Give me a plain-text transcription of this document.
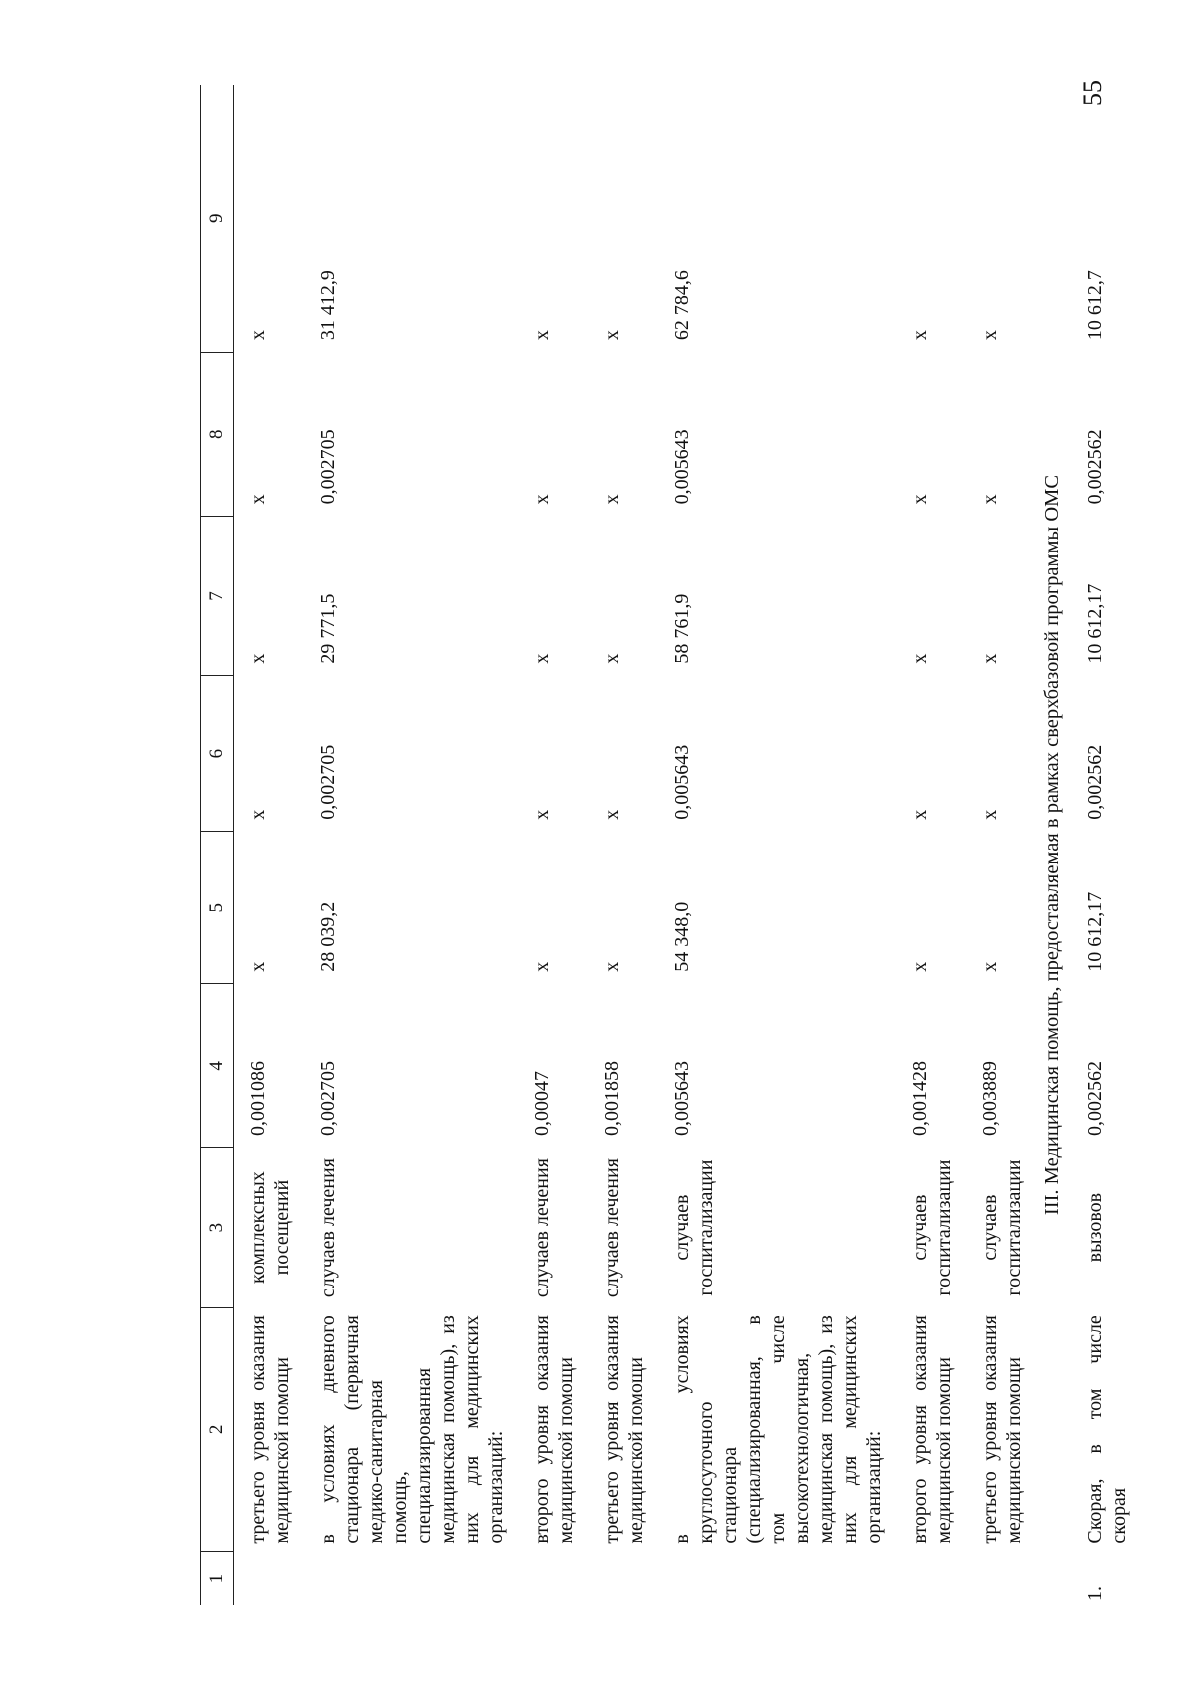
55
1	2	3	4	5	6	7	8	9
	третьего уровня оказания медицинской помощи	комплексных посещений	0,001086	x	x	x	x	x
	в условиях дневного стационара (первичная медико-санитарная помощь, специализированная медицинская помощь), из них для медицинских организаций:	случаев лечения	0,002705	28 039,2	0,002705	29 771,5	0,002705	31 412,9
	второго уровня оказания медицинской помощи	случаев лечения	0,00047	x	x	x	x	x
	третьего уровня оказания медицинской помощи	случаев лечения	0,001858	x	x	x	x	x
	в условиях круглосуточного стационара (специализированная, в том числе высокотехнологичная, медицинская помощь), из них для медицинских организаций:	случаев госпитализации	0,005643	54 348,0	0,005643	58 761,9	0,005643	62 784,6
	второго уровня оказания медицинской помощи	случаев госпитализации	0,001428	x	x	x	x	x
	третьего уровня оказания медицинской помощи	случаев госпитализации	0,003889	x	x	x	x	x
III. Медицинская помощь, предоставляемая в рамках сверхбазовой программы ОМС								
1.	Скорая, в том числе скорая	вызовов	0,002562	10 612,17	0,002562	10 612,17	0,002562	10 612,7
